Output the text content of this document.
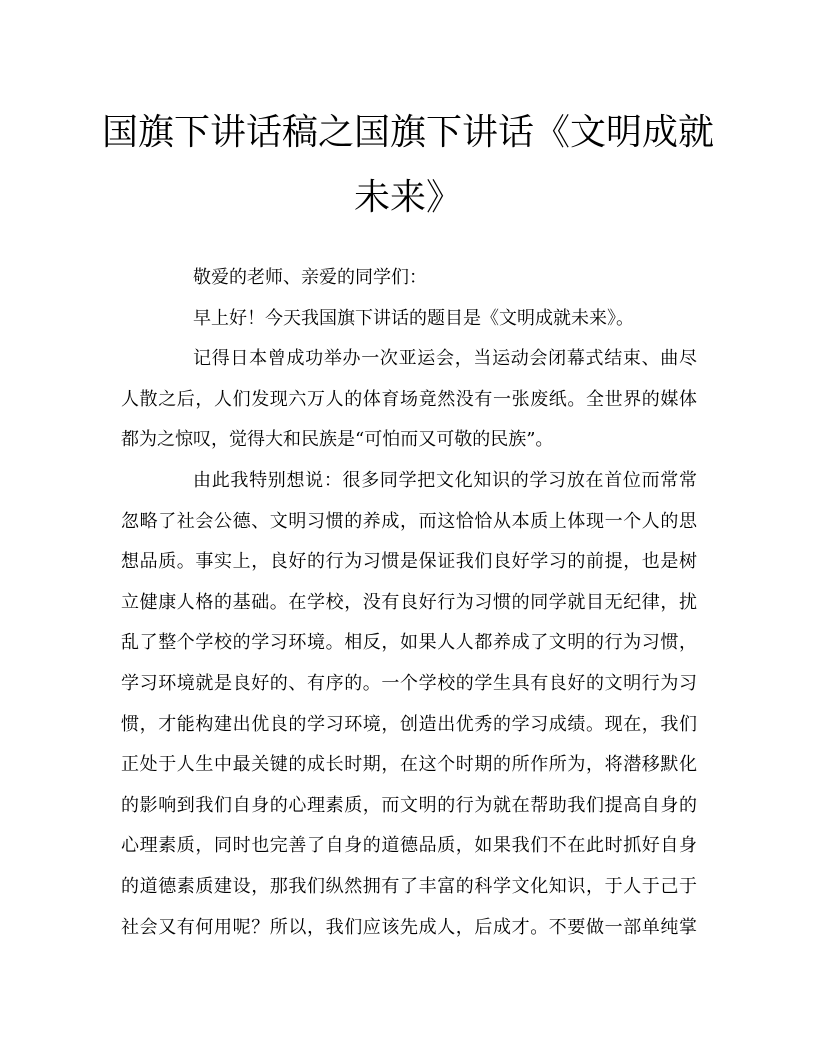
国旗下讲话稿之国旗下讲话《文明成就
未来》
敬爱的老师、亲爱的同学们：
早上好！今天我国旗下讲话的题目是《文明成就未来》。
记得日本曾成功举办一次亚运会，当运动会闭幕式结束、曲尽
人散之后，人们发现六万人的体育场竟然没有一张废纸。全世界的媒体
都为之惊叹，觉得大和民族是“可怕而又可敬的民族”。
由此我特别想说：很多同学把文化知识的学习放在首位而常常
忽略了社会公德、文明习惯的养成，而这恰恰从本质上体现一个人的思
想品质。事实上，良好的行为习惯是保证我们良好学习的前提，也是树
立健康人格的基础。在学校，没有良好行为习惯的同学就目无纪律，扰
乱了整个学校的学习环境。相反，如果人人都养成了文明的行为习惯，
学习环境就是良好的、有序的。一个学校的学生具有良好的文明行为习
惯，才能构建出优良的学习环境，创造出优秀的学习成绩。现在，我们
正处于人生中最关键的成长时期，在这个时期的所作所为，将潜移默化
的影响到我们自身的心理素质，而文明的行为就在帮助我们提高自身的
心理素质，同时也完善了自身的道德品质，如果我们不在此时抓好自身
的道德素质建设，那我们纵然拥有了丰富的科学文化知识，于人于己于
社会又有何用呢？所以，我们应该先成人，后成才。不要做一部单纯掌
